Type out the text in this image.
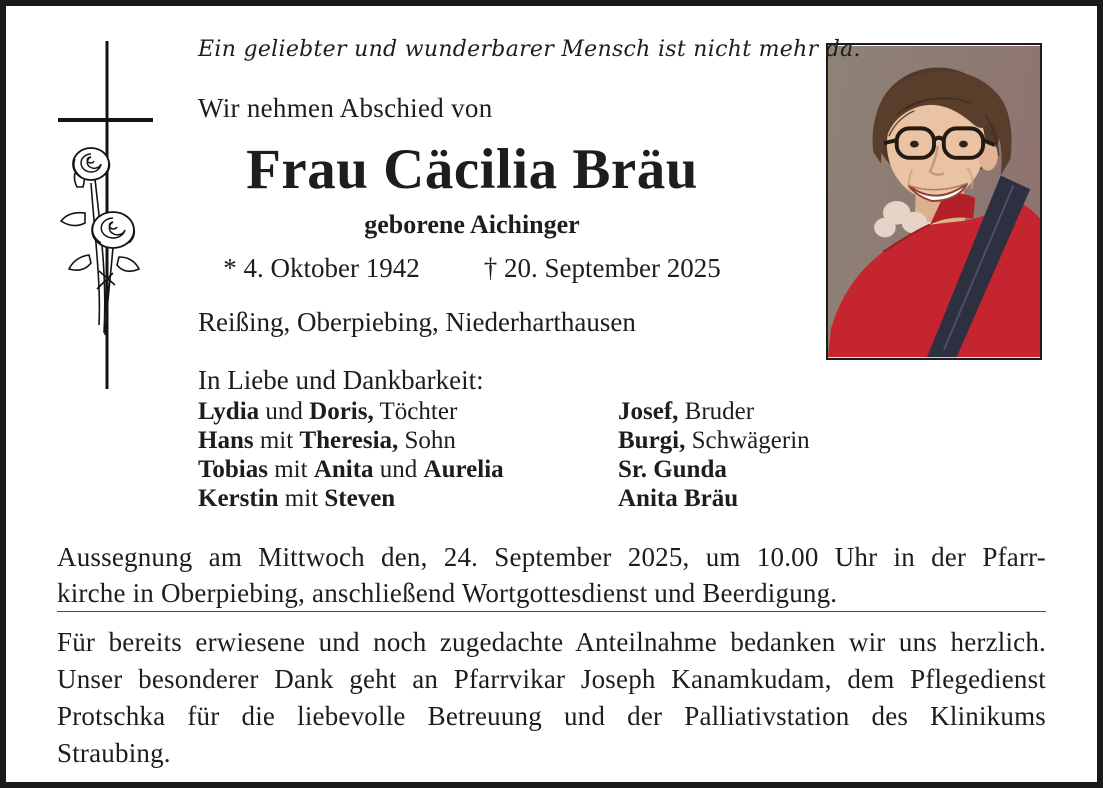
Ein geliebter und wunderbarer Mensch ist nicht mehr da.
Wir nehmen Abschied von
Frau Cäcilia Bräu
geborene Aichinger
* 4. Oktober 1942 † 20. September 2025
Reißing, Oberpiebing, Niederharthausen
In Liebe und Dankbarkeit:
Lydia und Doris, Töchter
Hans mit Theresia, Sohn
Tobias mit Anita und Aurelia
Kerstin mit Steven
Josef, Bruder
Burgi, Schwägerin
Sr. Gunda
Anita Bräu
Aussegnung am Mittwoch den, 24. September 2025, um 10.00 Uhr in der Pfarr-
kirche in Oberpiebing, anschließend Wortgottesdienst und Beerdigung.
Für bereits erwiesene und noch zugedachte Anteilnahme bedanken wir uns herzlich.
Unser besonderer Dank geht an Pfarrvikar Joseph Kanamkudam, dem Pflegedienst
Protschka für die liebevolle Betreuung und der Palliativstation des Klinikums
Straubing.
